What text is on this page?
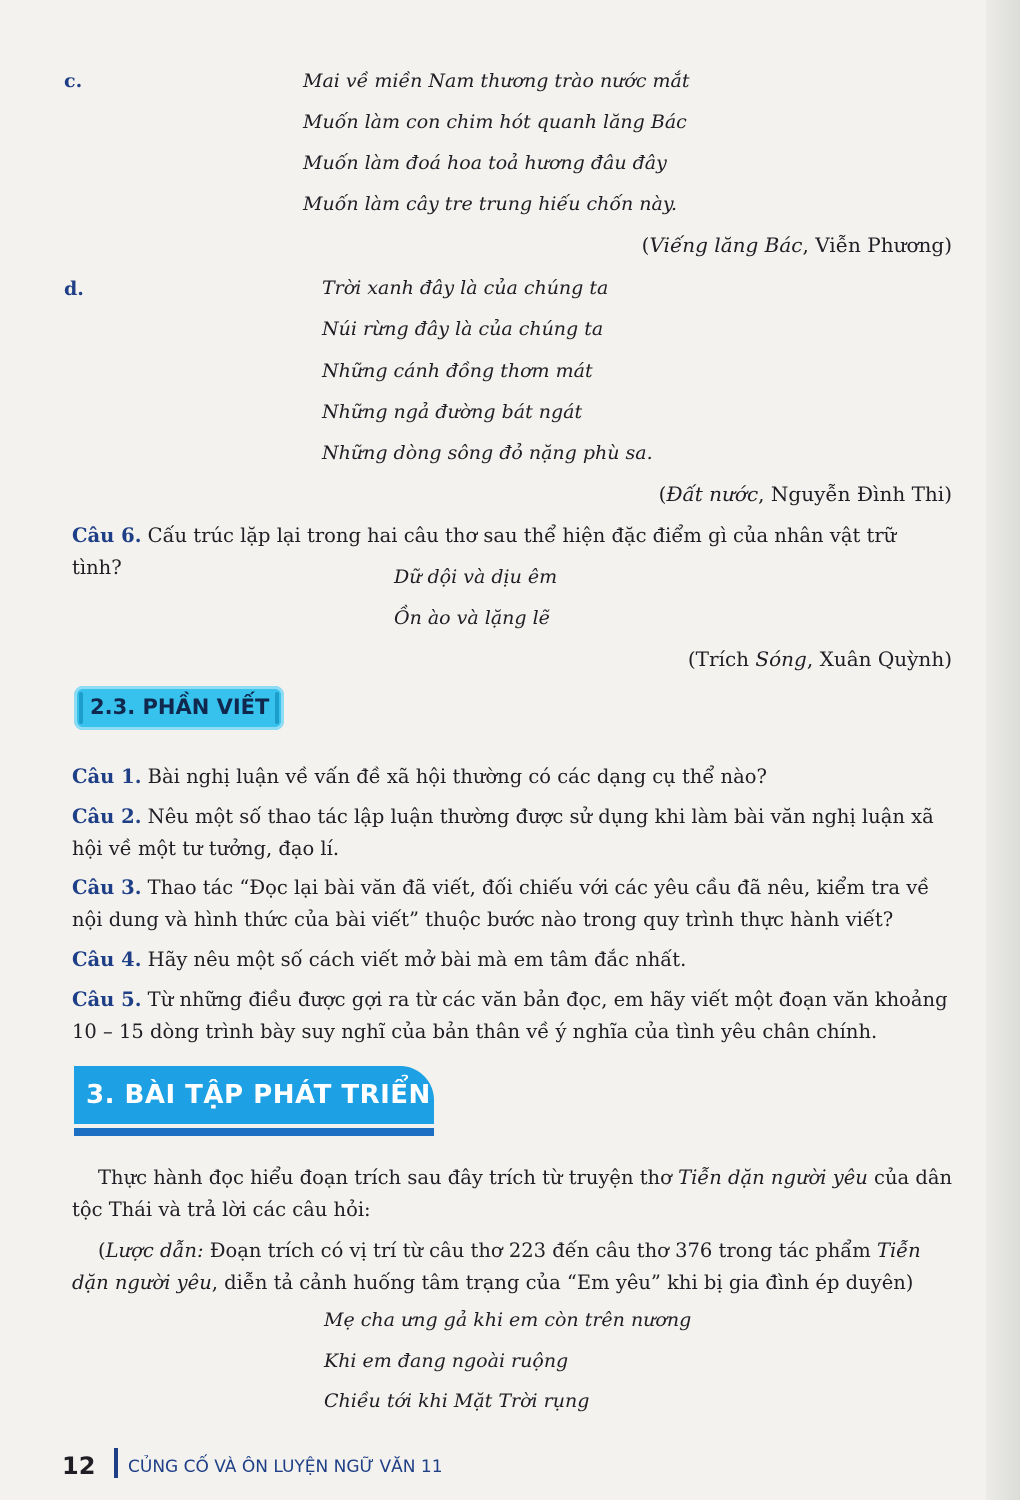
c.	Mai về miền Nam thương trào nước mắt
Muốn làm con chim hót quanh lăng Bác
Muốn làm đoá hoa toả hương đâu đây
Muốn làm cây tre trung hiếu chốn này.
(Viếng lăng Bác, Viễn Phương)
d.	Trời xanh đây là của chúng ta
Núi rừng đây là của chúng ta
Những cánh đồng thơm mát
Những ngả đường bát ngát
Những dòng sông đỏ nặng phù sa.
(Đất nước, Nguyễn Đình Thi)
Câu 6. Cấu trúc lặp lại trong hai câu thơ sau thể hiện đặc điểm gì của nhân vật trữ tình?	Dữ dội và dịu êm
Ồn ào và lặng lẽ
(Trích Sóng, Xuân Quỳnh)
2.3. PHẦN VIẾT
Câu 1. Bài nghị luận về vấn đề xã hội thường có các dạng cụ thể nào?
Câu 2. Nêu một số thao tác lập luận thường được sử dụng khi làm bài văn nghị luận xã hội về một tư tưởng, đạo lí.
Câu 3. Thao tác “Đọc lại bài văn đã viết, đối chiếu với các yêu cầu đã nêu, kiểm tra về nội dung và hình thức của bài viết” thuộc bước nào trong quy trình thực hành viết?
Câu 4. Hãy nêu một số cách viết mở bài mà em tâm đắc nhất.
Câu 5. Từ những điều được gợi ra từ các văn bản đọc, em hãy viết một đoạn văn khoảng 10 – 15 dòng trình bày suy nghĩ của bản thân về ý nghĩa của tình yêu chân chính.
3. BÀI TẬP PHÁT TRIỂN
Thực hành đọc hiểu đoạn trích sau đây trích từ truyện thơ Tiễn dặn người yêu của dân tộc Thái và trả lời các câu hỏi:
(Lược dẫn: Đoạn trích có vị trí từ câu thơ 223 đến câu thơ 376 trong tác phẩm Tiễn dặn người yêu, diễn tả cảnh huống tâm trạng của “Em yêu” khi bị gia đình ép duyên)
Mẹ cha ưng gả khi em còn trên nương
Khi em đang ngoài ruộng
Chiều tới khi Mặt Trời rụng
12 CỦNG CỐ VÀ ÔN LUYỆN NGỮ VĂN 11
